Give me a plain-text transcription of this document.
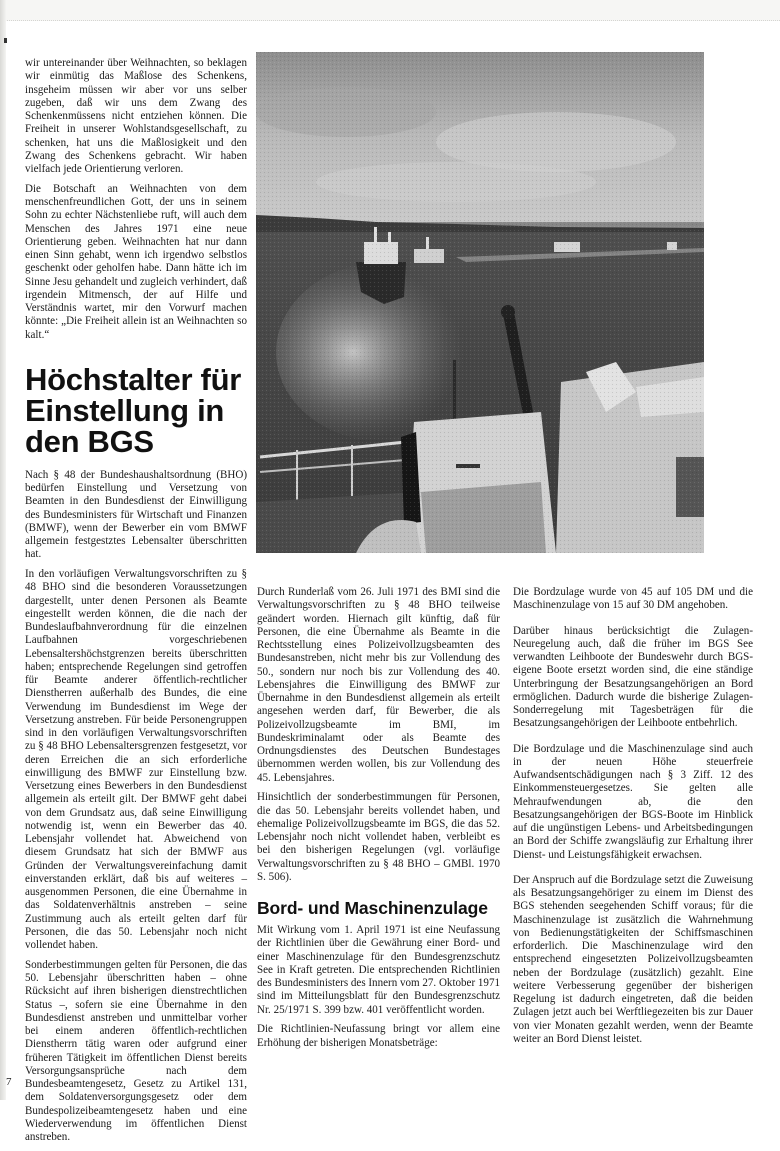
wir untereinander über Weihnachten, so beklagen wir einmütig das Maßlose des Schenkens, insgeheim müssen wir aber vor uns selber zugeben, daß wir uns dem Zwang des Schenkenmüssens nicht entziehen können. Die Freiheit in unserer Wohlstandsgesellschaft, zu schenken, hat uns die Maßlosigkeit und den Zwang des Schenkens gebracht. Wir haben vielfach jede Orientierung verloren.

Die Botschaft an Weihnachten von dem menschenfreundlichen Gott, der uns in seinem Sohn zu echter Nächstenliebe ruft, will auch dem Menschen des Jahres 1971 eine neue Orientierung geben. Weihnachten hat nur dann einen Sinn gehabt, wenn ich irgendwo selbstlos geschenkt oder geholfen habe. Dann hätte ich im Sinne Jesu gehandelt und zugleich verhindert, daß irgendein Mitmensch, der auf Hilfe und Verständnis wartet, mir den Vorwurf machen könnte: „Die Freiheit allein ist an Weihnachten so kalt.“

Höchstalter für Einstellung in den BGS

Nach § 48 der Bundeshaushaltsordnung (BHO) bedürfen Einstellung und Versetzung von Beamten in den Bundesdienst der Einwilligung des Bundesministers für Wirtschaft und Finanzen (BMWF), wenn der Bewerber ein vom BMWF allgemein festgestztes Lebensalter überschritten hat.

In den vorläufigen Verwaltungsvorschriften zu § 48 BHO sind die besonderen Voraussetzungen dargestellt, unter denen Personen als Beamte eingestellt werden können, die die nach der Bundeslaufbahnverordnung für die einzelnen Laufbahnen vorgeschriebenen Lebensaltershöchstgrenzen bereits überschritten haben; entsprechende Regelungen sind getroffen für Beamte anderer öffentlich-rechtlicher Dienstherren außerhalb des Bundes, die eine Verwendung im Bundesdienst im Wege der Versetzung anstreben. Für beide Personengruppen sind in den vorläufigen Verwaltungsvorschriften zu § 48 BHO Lebensaltersgrenzen festgesetzt, vor deren Erreichen die an sich erforderliche einwilligung des BMWF zur Einstellung bzw. Versetzung eines Bewerbers in den Bundesdienst allgemein als erteilt gilt. Der BMWF geht dabei von dem Grundsatz aus, daß seine Einwilligung notwendig ist, wenn ein Bewerber das 40. Lebensjahr vollendet hat. Abweichend von diesem Grundsatz hat sich der BMWF aus Gründen der Verwaltungsvereinfachung damit einverstanden erklärt, daß bis auf weiteres – ausgenommen Personen, die eine Übernahme in das Soldatenverhältnis anstreben – seine Zustimmung auch als erteilt gelten darf für Personen, die das 50. Lebensjahr noch nicht vollendet haben.

Sonderbestimmungen gelten für Personen, die das 50. Lebensjahr überschritten haben – ohne Rücksicht auf ihren bisherigen dienstrechtlichen Status –, sofern sie eine Übernahme in den Bundesdienst anstreben und unmittelbar vorher bei einem anderen öffentlich-rechtlichen Dienstherrn tätig waren oder aufgrund einer früheren Tätigkeit im öffentlichen Dienst bereits Versorgungsansprüche nach dem Bundesbeamtengesetz, Gesetz zu Artikel 131, dem Soldatenversorgungsgesetz oder dem Bundespolizeibeamtengesetz haben und eine Wiederverwendung im öffentlichen Dienst anstreben.

Durch Runderlaß vom 26. Juli 1971 des BMI sind die Verwaltungsvorschriften zu § 48 BHO teilweise geändert worden. Hiernach gilt künftig, daß für Personen, die eine Übernahme als Beamte in die Rechtsstellung eines Polizeivollzugsbeamten des Bundesanstreben, nicht mehr bis zur Vollendung des 50., sondern nur noch bis zur Vollendung des 40. Lebensjahres die Einwilligung des BMWF zur Übernahme in den Bundesdienst allgemein als erteilt angesehen werden darf, für Bewerber, die als Polizeivollzugsbeamte im BMI, im Bundeskriminalamt oder als Beamte des Ordnungsdienstes des Deutschen Bundestages übernommen werden wollen, bis zur Vollendung des 45. Lebensjahres.

Hinsichtlich der sonderbestimmungen für Personen, die das 50. Lebensjahr bereits vollendet haben, und ehemalige Polizeivollzugsbeamte im BGS, die das 52. Lebensjahr noch nicht vollendet haben, verbleibt es bei den bisherigen Regelungen (vgl. vorläufige Verwaltungsvorschriften zu § 48 BHO – GMBl. 1970 S. 506).

Bord- und Maschinenzulage

Mit Wirkung vom 1. April 1971 ist eine Neufassung der Richtlinien über die Gewährung einer Bord- und einer Maschinenzulage für den Bundesgrenzschutz See in Kraft getreten. Die entsprechenden Richtlinien des Bundesministers des Innern vom 27. Oktober 1971 sind im Mitteilungsblatt für den Bundesgrenzschutz Nr. 25/1971 S. 399 bzw. 401 veröffentlicht worden.

Die Richtlinien-Neufassung bringt vor allem eine Erhöhung der bisherigen Monatsbeträge:

Die Bordzulage wurde von 45 auf 105 DM und die Maschinenzulage von 15 auf 30 DM angehoben.

Darüber hinaus berücksichtigt die Zulagen-Neuregelung auch, daß die früher im BGS See verwandten Leihboote der Bundeswehr durch BGS-eigene Boote ersetzt worden sind, die eine ständige Unterbringung der Besatzungsangehörigen an Bord ermöglichen. Dadurch wurde die bisherige Zulagen-Sonderregelung mit Tagesbeträgen für die Besatzungsangehörigen der Leihboote entbehrlich.

Die Bordzulage und die Maschinenzulage sind auch in der neuen Höhe steuerfreie Aufwandsentschädigungen nach § 3 Ziff. 12 des Einkommensteuergesetzes. Sie gelten alle Mehraufwendungen ab, die den Besatzungsangehörigen der BGS-Boote im Hinblick auf die ungünstigen Lebens- und Arbeitsbedingungen an Bord der Schiffe zwangsläufig zur Erhaltung ihrer Dienst- und Leistungsfähigkeit erwachsen.

Der Anspruch auf die Bordzulage setzt die Zuweisung als Besatzungsangehöriger zu einem im Dienst des BGS stehenden seegehenden Schiff voraus; für die Maschinenzulage ist zusätzlich die Wahrnehmung von Bedienungstätigkeiten der Schiffsmaschinen erforderlich. Die Maschinenzulage wird den entsprechend eingesetzten Polizeivollzugsbeamten neben der Bordzulage (zusätzlich) gezahlt. Eine weitere Verbesserung gegenüber der bisherigen Regelung ist dadurch eingetreten, daß die beiden Zulagen jetzt auch bei Werftliegezeiten bis zur Dauer von vier Monaten gezahlt werden, wenn der Beamte weiter an Bord Dienst leistet.

7
